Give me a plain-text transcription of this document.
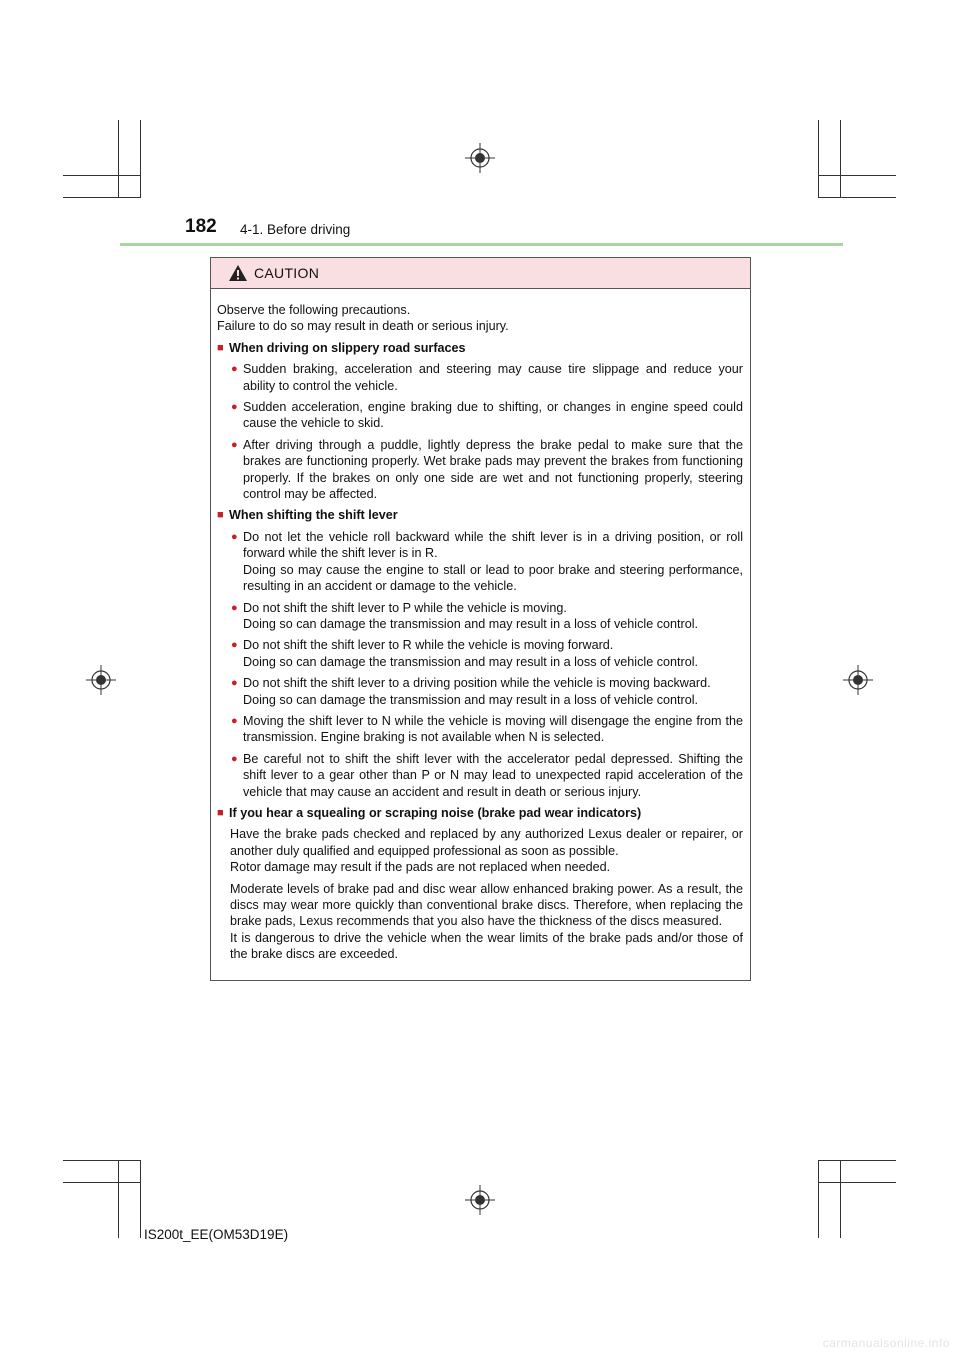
182 4-1. Before driving
CAUTION

Observe the following precautions.

Failure to do so may result in death or serious injury.

■ When driving on slippery road surfaces
● Sudden braking, acceleration and steering may cause tire slippage and reduce your ability to control the vehicle.
● Sudden acceleration, engine braking due to shifting, or changes in engine speed could cause the vehicle to skid.
● After driving through a puddle, lightly depress the brake pedal to make sure that the brakes are functioning properly. Wet brake pads may prevent the brakes from functioning properly. If the brakes on only one side are wet and not functioning properly, steering control may be affected.
■ When shifting the shift lever
● Do not let the vehicle roll backward while the shift lever is in a driving position, or roll forward while the shift lever is in R.

Doing so may cause the engine to stall or lead to poor brake and steering performance, resulting in an accident or damage to the vehicle.

● Do not shift the shift lever to P while the vehicle is moving.

Doing so can damage the transmission and may result in a loss of vehicle control.

● Do not shift the shift lever to R while the vehicle is moving forward.

Doing so can damage the transmission and may result in a loss of vehicle control.

● Do not shift the shift lever to a driving position while the vehicle is moving backward.

Doing so can damage the transmission and may result in a loss of vehicle control.

● Moving the shift lever to N while the vehicle is moving will disengage the engine from the transmission. Engine braking is not available when N is selected.
● Be careful not to shift the shift lever with the accelerator pedal depressed. Shifting the shift lever to a gear other than P or N may lead to unexpected rapid acceleration of the vehicle that may cause an accident and result in death or serious injury.
■ If you hear a squealing or scraping noise (brake pad wear indicators)

Have the brake pads checked and replaced by any authorized Lexus dealer or repairer, or another duly qualified and equipped professional as soon as possible.

Rotor damage may result if the pads are not replaced when needed.

Moderate levels of brake pad and disc wear allow enhanced braking power. As a result, the discs may wear more quickly than conventional brake discs. Therefore, when replacing the brake pads, Lexus recommends that you also have the thickness of the discs measured.

It is dangerous to drive the vehicle when the wear limits of the brake pads and/or those of the brake discs are exceeded.

IS200t_EE(OM53D19E)
carmanualsonline.info
